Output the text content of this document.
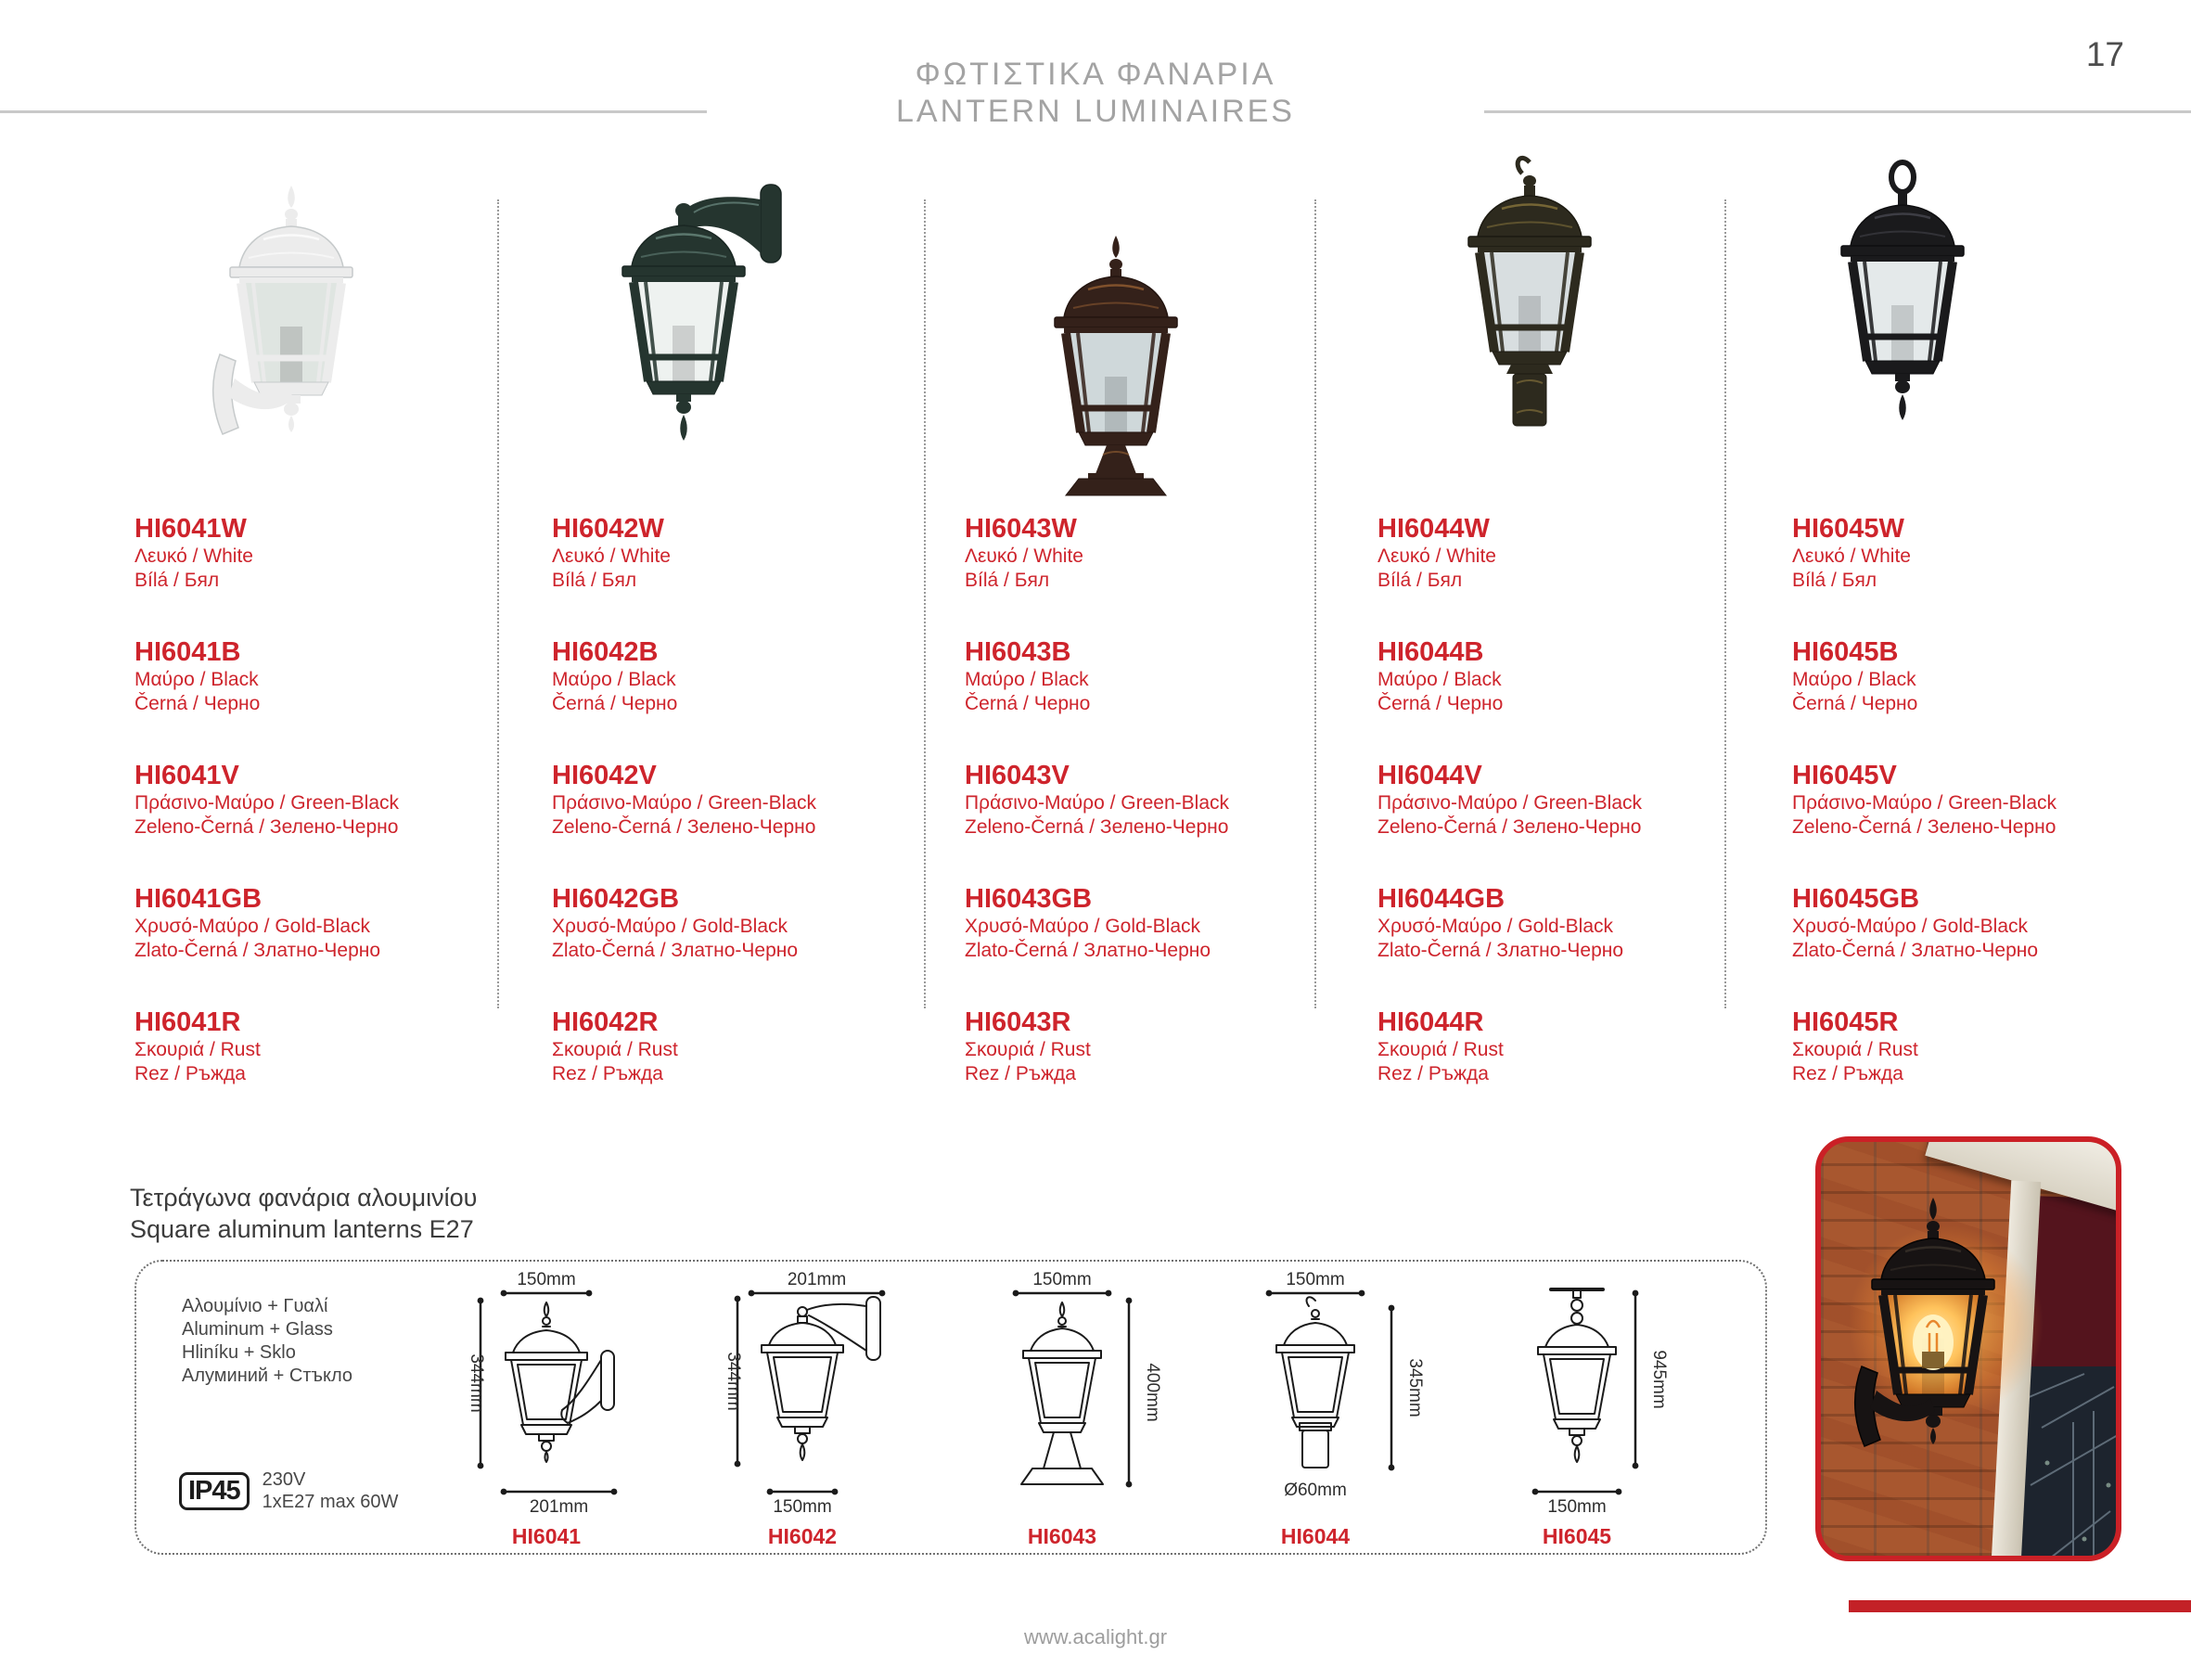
ΦΩΤΙΣΤΙΚΑ ΦΑΝΑΡΙΑ
LANTERN LUMINAIRES
17
HI6041W
Λευκό / White
Bílá / Бял
HI6041B
Μαύρο / Black
Černá / Черно
HI6041V
Πράσινο-Μαύρο / Green-Black
Zeleno-Černá / Зелено-Черно
HI6041GB
Χρυσό-Μαύρο / Gold-Black
Zlato-Černá / Златно-Черно
HI6041R
Σκουριά / Rust
Rez / Ръжда
HI6042W
Λευκό / White
Bílá / Бял
HI6042B
Μαύρο / Black
Černá / Черно
HI6042V
Πράσινο-Μαύρο / Green-Black
Zeleno-Černá / Зелено-Черно
HI6042GB
Χρυσό-Μαύρο / Gold-Black
Zlato-Černá / Златно-Черно
HI6042R
Σκουριά / Rust
Rez / Ръжда
HI6043W
Λευκό / White
Bílá / Бял
HI6043B
Μαύρο / Black
Černá / Черно
HI6043V
Πράσινο-Μαύρο / Green-Black
Zeleno-Černá / Зелено-Черно
HI6043GB
Χρυσό-Μαύρο / Gold-Black
Zlato-Černá / Златно-Черно
HI6043R
Σκουριά / Rust
Rez / Ръжда
HI6044W
Λευκό / White
Bílá / Бял
HI6044B
Μαύρο / Black
Černá / Черно
HI6044V
Πράσινο-Μαύρο / Green-Black
Zeleno-Černá / Зелено-Черно
HI6044GB
Χρυσό-Μαύρο / Gold-Black
Zlato-Černá / Златно-Черно
HI6044R
Σκουριά / Rust
Rez / Ръжда
HI6045W
Λευκό / White
Bílá / Бял
HI6045B
Μαύρο / Black
Černá / Черно
HI6045V
Πράσινο-Μαύρο / Green-Black
Zeleno-Černá / Зелено-Черно
HI6045GB
Χρυσό-Μαύρο / Gold-Black
Zlato-Černá / Златно-Черно
HI6045R
Σκουριά / Rust
Rez / Ръжда
Τετράγωνα φανάρια αλουμινίου
Square aluminum lanterns E27
Αλουμίνιο + Γυαλί
Aluminum + Glass
Hliníku + Sklo
Алуминий + Стъкло
IP45	230V
1xE27 max 60W
150mm
344mm
201mm
HI6041
201mm
344mm
150mm
HI6042
150mm
400mm
HI6043
150mm
345mm
Ø60mm
HI6044
945mm
150mm
HI6045
www.acalight.gr
